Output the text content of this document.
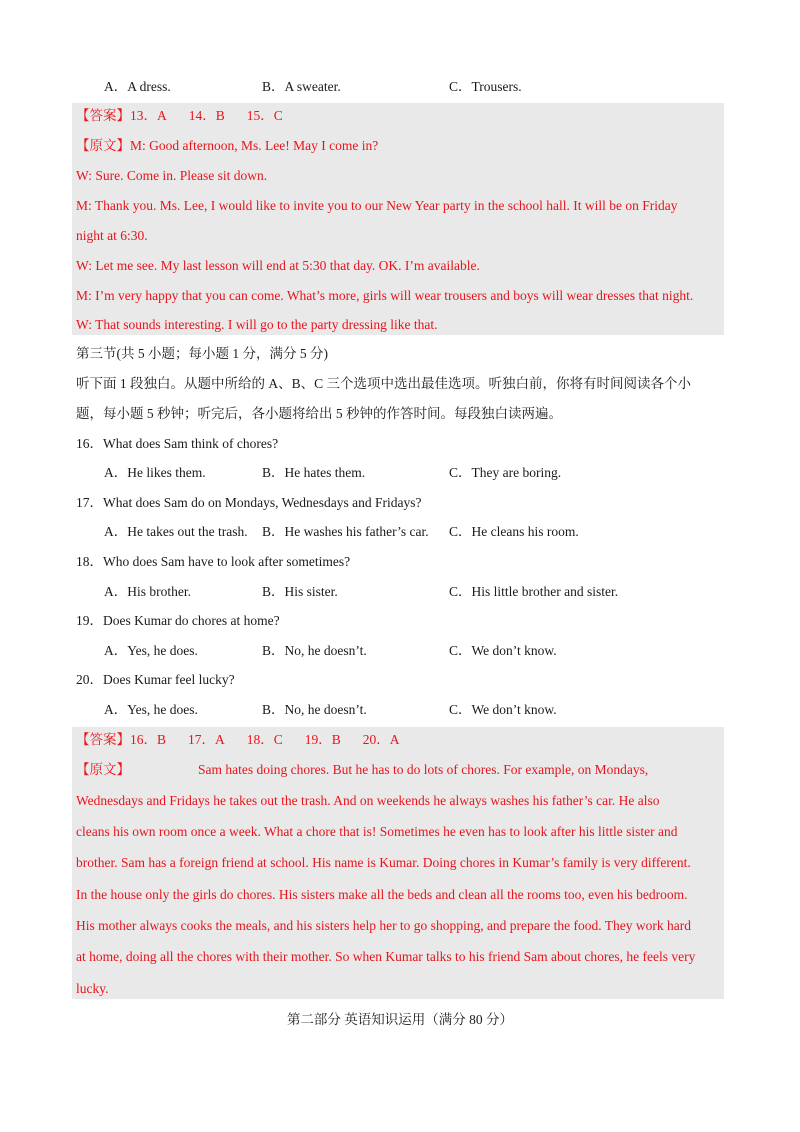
A．A dress.	B．A sweater.	C．Trousers.
【答案】13．A 14．B 15．C
【原文】M: Good afternoon, Ms. Lee! May I come in?
W: Sure. Come in. Please sit down.
M: Thank you. Ms. Lee, I would like to invite you to our New Year party in the school hall. It will be on Friday
night at 6:30.
W: Let me see. My last lesson will end at 5:30 that day. OK. I’m available.
M: I’m very happy that you can come. What’s more, girls will wear trousers and boys will wear dresses that night.
W: That sounds interesting. I will go to the party dressing like that.
第三节(共 5 小题；每小题 1 分，满分 5 分)
听下面 1 段独白。从题中所给的 A、B、C 三个选项中选出最佳选项。听独白前，你将有时间阅读各个小
题，每小题 5 秒钟；听完后，各小题将给出 5 秒钟的作答时间。每段独白读两遍。
16．What does Sam think of chores?
A．He likes them.	B．He hates them.	C．They are boring.
17．What does Sam do on Mondays, Wednesdays and Fridays?
A．He takes out the trash. B．He washes his father’s car. C．He cleans his room.
18．Who does Sam have to look after sometimes?
A．His brother.	B．His sister.	C．His little brother and sister.
19．Does Kumar do chores at home?
A．Yes, he does.	B．No, he doesn’t.	C．We don’t know.
20．Does Kumar feel lucky?
A．Yes, he does.	B．No, he doesn’t.	C．We don’t know.
【答案】16．B 17．A 18．C 19．B 20．A
【原文】	Sam hates doing chores. But he has to do lots of chores. For example, on Mondays,
Wednesdays and Fridays he takes out the trash. And on weekends he always washes his father’s car. He also
cleans his own room once a week. What a chore that is! Sometimes he even has to look after his little sister and
brother. Sam has a foreign friend at school. His name is Kumar. Doing chores in Kumar’s family is very different.
In the house only the girls do chores. His sisters make all the beds and clean all the rooms too, even his bedroom.
His mother always cooks the meals, and his sisters help her to go shopping, and prepare the food. They work hard
at home, doing all the chores with their mother. So when Kumar talks to his friend Sam about chores, he feels very
lucky.
第二部分 英语知识运用（满分 80 分）
